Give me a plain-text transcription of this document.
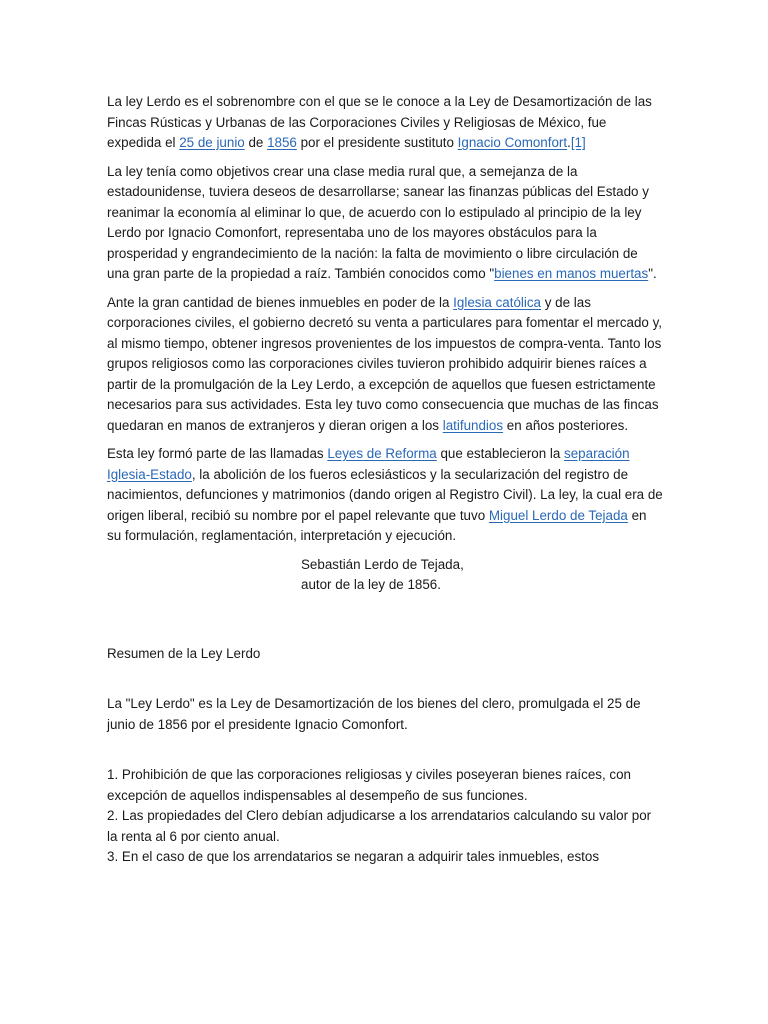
La ley Lerdo es el sobrenombre con el que se le conoce a la Ley de Desamortización de las Fincas Rústicas y Urbanas de las Corporaciones Civiles y Religiosas de México, fue expedida el 25 de junio de 1856 por el presidente sustituto Ignacio Comonfort.[1]

La ley tenía como objetivos crear una clase media rural que, a semejanza de la estadounidense, tuviera deseos de desarrollarse; sanear las finanzas públicas del Estado y reanimar la economía al eliminar lo que, de acuerdo con lo estipulado al principio de la ley Lerdo por Ignacio Comonfort, representaba uno de los mayores obstáculos para la prosperidad y engrandecimiento de la nación: la falta de movimiento o libre circulación de una gran parte de la propiedad a raíz. También conocidos como "bienes en manos muertas".

Ante la gran cantidad de bienes inmuebles en poder de la Iglesia católica y de las corporaciones civiles, el gobierno decretó su venta a particulares para fomentar el mercado y, al mismo tiempo, obtener ingresos provenientes de los impuestos de compra-venta. Tanto los grupos religiosos como las corporaciones civiles tuvieron prohibido adquirir bienes raíces a partir de la promulgación de la Ley Lerdo, a excepción de aquellos que fuesen estrictamente necesarios para sus actividades. Esta ley tuvo como consecuencia que muchas de las fincas quedaran en manos de extranjeros y dieran origen a los latifundios en años posteriores.

Esta ley formó parte de las llamadas Leyes de Reforma que establecieron la separación Iglesia-Estado, la abolición de los fueros eclesiásticos y la secularización del registro de nacimientos, defunciones y matrimonios (dando origen al Registro Civil). La ley, la cual era de origen liberal, recibió su nombre por el papel relevante que tuvo Miguel Lerdo de Tejada en su formulación, reglamentación, interpretación y ejecución.

Sebastián Lerdo de Tejada,
autor de la ley de 1856.
Resumen de la Ley Lerdo

La "Ley Lerdo" es la Ley de Desamortización de los bienes del clero, promulgada el 25 de junio de 1856 por el presidente Ignacio Comonfort.

1. Prohibición de que las corporaciones religiosas y civiles poseyeran bienes raíces, con excepción de aquellos indispensables al desempeño de sus funciones.

2. Las propiedades del Clero debían adjudicarse a los arrendatarios calculando su valor por la renta al 6 por ciento anual.

3. En el caso de que los arrendatarios se negaran a adquirir tales inmuebles, estos
